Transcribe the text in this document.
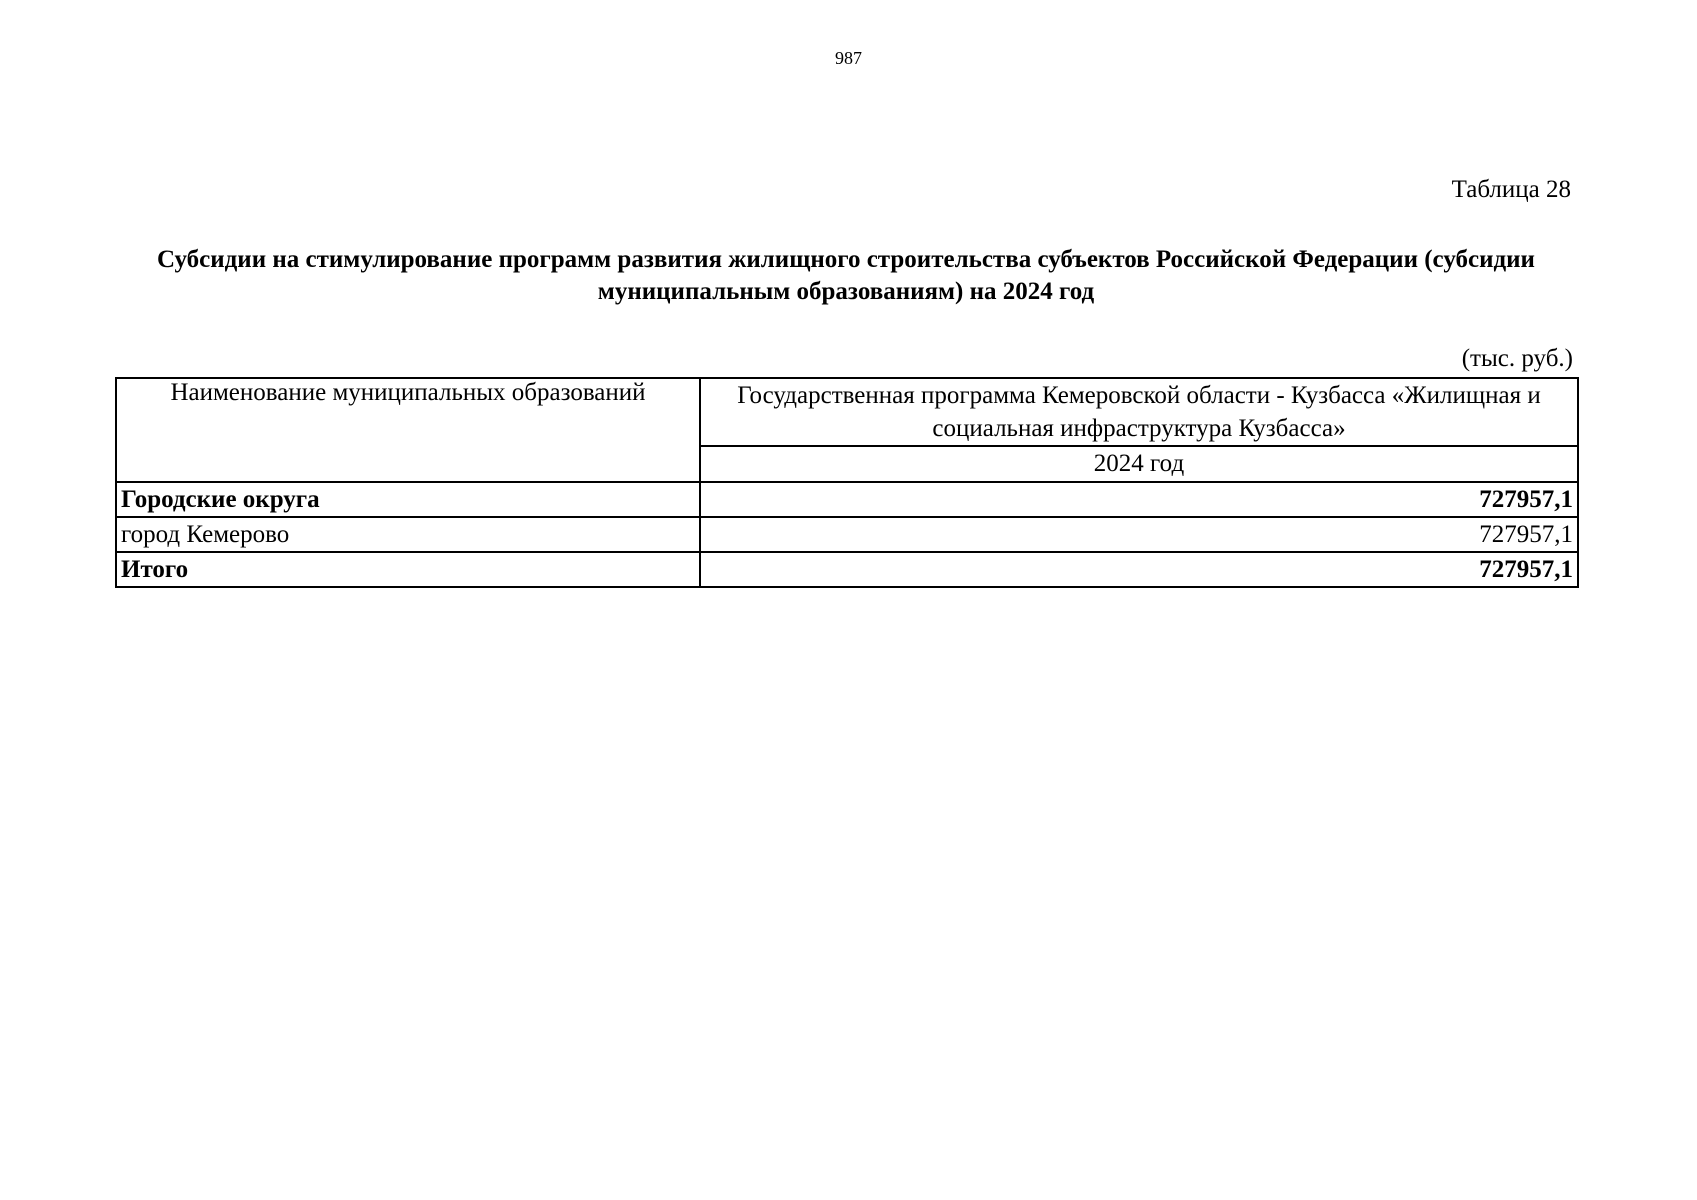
987
Таблица 28
Субсидии на стимулирование программ развития жилищного строительства субъектов Российской Федерации (субсидии муниципальным образованиям) на 2024 год
(тыс. руб.)
Наименование муниципальных образований	Государственная программа Кемеровской области - Кузбасса «Жилищная и социальная инфраструктура Кузбасса»
	2024 год
Городские округа	727957,1
город Кемерово	727957,1
Итого	727957,1
